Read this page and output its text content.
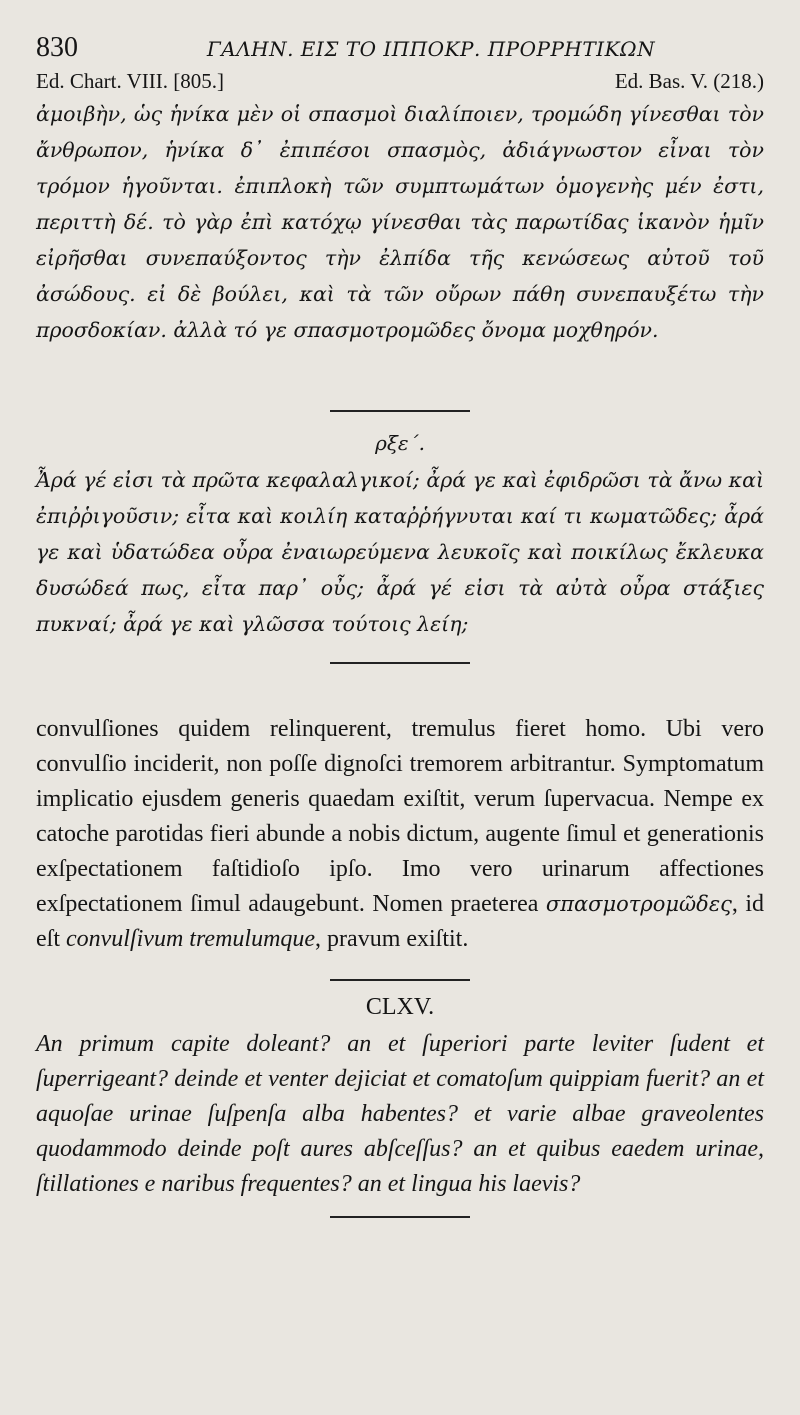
830	ΓΑΛΗΝ. ΕΙΣ ΤΟ ΙΠΠΟΚΡ. ΠΡΟΡΡΗΤΙΚΩΝ
Ed. Chart. VIII. [805.]	Ed. Bas. V. (218.)

ἀμοιβὴν, ὡς ἡνίκα μὲν οἱ σπασμοὶ διαλίποιεν, τρομώδη γίνεσθαι τὸν ἄνθρωπον, ἡνίκα δ᾽ ἐπιπέσοι σπασμὸς, ἀδιάγνωστον εἶναι τὸν τρόμον ἡγοῦνται. ἐπιπλοκὴ τῶν συμπτωμάτων ὁμογενὴς μέν ἐστι, περιττὴ δέ. τὸ γὰρ ἐπὶ κατόχῳ γίνεσθαι τὰς παρωτίδας ἱκανὸν ἡμῖν εἰρῆσθαι συνεπαύξοντος τὴν ἐλπίδα τῆς κενώσεως αὐτοῦ τοῦ ἀσώδους. εἰ δὲ βούλει, καὶ τὰ τῶν οὔρων πάθη συνεπαυξέτω τὴν προσδοκίαν. ἀλλὰ τό γε σπασμοτρομῶδες ὄνομα μοχθηρόν.

ρξε΄.

Ἆρά γέ εἰσι τὰ πρῶτα κεφαλαλγικοί; ἆρά γε καὶ ἐφιδρῶσι τὰ ἄνω καὶ ἐπιῤῥιγοῦσιν; εἶτα καὶ κοιλίη καταῤῥήγνυται καί τι κωματῶδες; ἆρά γε καὶ ὑδατώδεα οὖρα ἐναιωρεύμενα λευκοῖς καὶ ποικίλως ἔκλευκα δυσώδεά πως, εἶτα παρ᾽ οὖς; ἆρά γέ εἰσι τὰ αὐτὰ οὖρα στάξιες πυκναί; ἆρά γε καὶ γλῶσσα τούτοις λείη;

convulſiones quidem relinquerent, tremulus fieret homo. Ubi vero convulſio inciderit, non poſſe dignoſci tremorem arbitrantur. Symptomatum implicatio ejusdem generis quaedam exiſtit, verum ſupervacua. Nempe ex catoche parotidas fieri abunde a nobis dictum, augente ſimul et generationis exſpectationem faſtidioſo ipſo. Imo vero urinarum affectiones exſpectationem ſimul adaugebunt. Nomen praeterea σπασμοτρομῶδες, id eſt convulſivum tremulumque, pravum exiſtit.

CLXV.

An primum capite doleant? an et ſuperiori parte leviter ſudent et ſuperrigeant? deinde et venter dejiciat et comatoſum quippiam fuerit? an et aquoſae urinae ſuſpenſa alba habentes? et varie albae graveolentes quodammodo deinde poſt aures abſceſſus? an et quibus eaedem urinae, ſtillationes e naribus frequentes? an et lingua his laevis?
